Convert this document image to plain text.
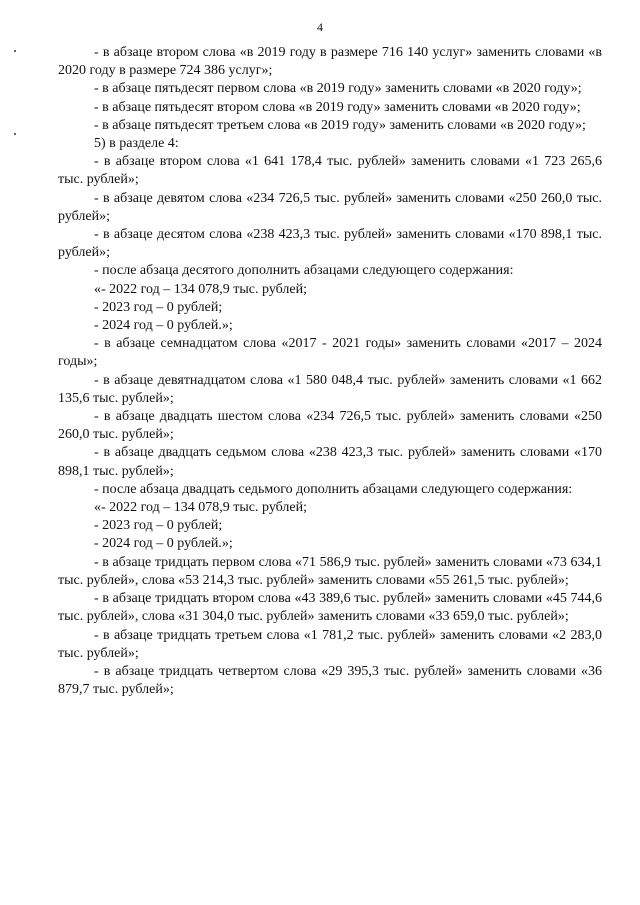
4

- в абзаце втором слова «в 2019 году в размере 716 140 услуг» заменить словами «в 2020 году в размере 724 386 услуг»;

- в абзаце пятьдесят первом слова «в 2019 году» заменить словами «в 2020 году»;

- в абзаце пятьдесят втором слова «в 2019 году» заменить словами «в 2020 году»;

- в абзаце пятьдесят третьем слова «в 2019 году» заменить словами «в 2020 году»;

5) в разделе 4:

- в абзаце втором слова «1 641 178,4 тыс. рублей» заменить словами «1 723 265,6 тыс. рублей»;

- в абзаце девятом слова «234 726,5 тыс. рублей» заменить словами «250 260,0 тыс. рублей»;

- в абзаце десятом слова «238 423,3 тыс. рублей» заменить словами «170 898,1 тыс. рублей»;

- после абзаца десятого дополнить абзацами следующего содержания:

«- 2022 год – 134 078,9 тыс. рублей;

- 2023 год – 0 рублей;

- 2024 год – 0 рублей.»;

- в абзаце семнадцатом слова «2017 - 2021 годы» заменить словами «2017 – 2024 годы»;

- в абзаце девятнадцатом слова «1 580 048,4 тыс. рублей» заменить словами «1 662 135,6 тыс. рублей»;

- в абзаце двадцать шестом слова «234 726,5 тыс. рублей» заменить словами «250 260,0 тыс. рублей»;

- в абзаце двадцать седьмом слова «238 423,3 тыс. рублей» заменить словами «170 898,1 тыс. рублей»;

- после абзаца двадцать седьмого дополнить абзацами следующего содержания:

«- 2022 год – 134 078,9 тыс. рублей;

- 2023 год – 0 рублей;

- 2024 год – 0 рублей.»;

- в абзаце тридцать первом слова «71 586,9 тыс. рублей» заменить словами «73 634,1 тыс. рублей», слова «53 214,3 тыс. рублей» заменить словами «55 261,5 тыс. рублей»;

- в абзаце тридцать втором слова «43 389,6 тыс. рублей» заменить словами «45 744,6 тыс. рублей», слова «31 304,0 тыс. рублей» заменить словами «33 659,0 тыс. рублей»;

- в абзаце тридцать третьем слова «1 781,2 тыс. рублей» заменить словами «2 283,0 тыс. рублей»;

- в абзаце тридцать четвертом слова «29 395,3 тыс. рублей» заменить словами «36 879,7 тыс. рублей»;
